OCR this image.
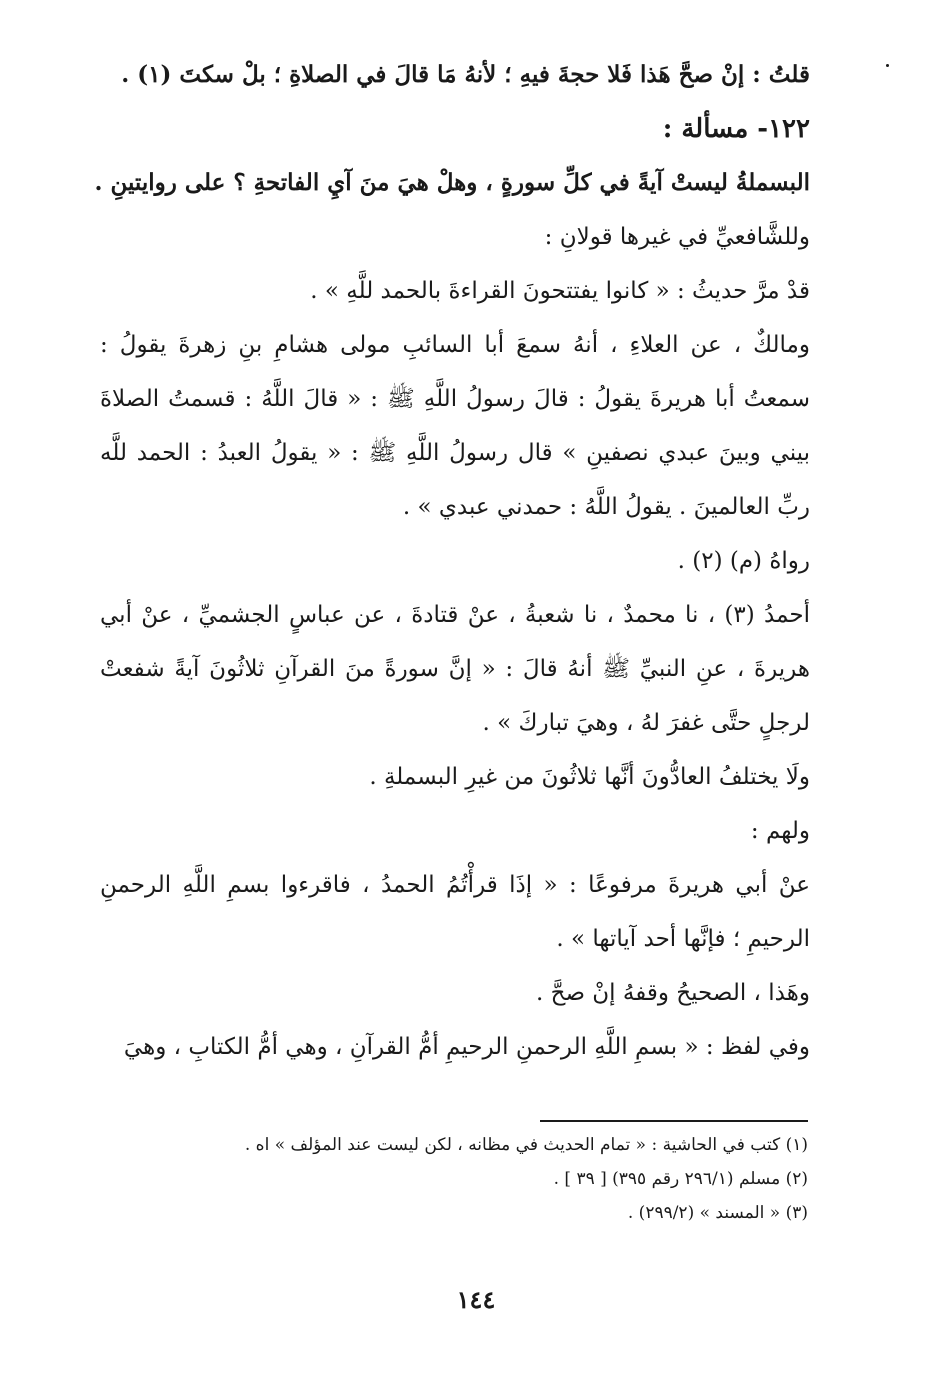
قلتُ : إنْ صحَّ هَذا فَلا حجةَ فيهِ ؛ لأنهُ مَا قالَ في الصلاةِ ؛ بلْ سكتَ (١) .

١٢٢- مسألة :

البسملةُ ليستْ آيةً في كلِّ سورةٍ ، وهلْ هيَ منَ آيِ الفاتحةِ ؟ على روايتينِ .

وللشَّافعيِّ في غيرها قولانِ :

قدْ مرَّ حديثُ : « كانوا يفتتحونَ القراءةَ بالحمد للَّهِ » .

ومالكٌ ، عن العلاءِ ، أنهُ سمعَ أبا السائبِ مولى هشامِ بنِ زهرةَ يقولُ : سمعتُ أبا هريرةَ يقولُ : قالَ رسولُ اللَّهِ ﷺ : « قالَ اللَّهُ : قسمتُ الصلاةَ بيني وبينَ عبدي نصفينِ » قال رسولُ اللَّهِ ﷺ : « يقولُ العبدُ : الحمد للَّه ربِّ العالمينَ . يقولُ اللَّهُ : حمدني عبدي » .

رواهُ (م) (٢) .

أحمدُ (٣) ، نا محمدٌ ، نا شعبةُ ، عنْ قتادةَ ، عن عباسٍ الجشميِّ ، عنْ أبي هريرةَ ، عنِ النبيِّ ﷺ أنهُ قالَ : « إنَّ سورةً منَ القرآنِ ثلاثُونَ آيةً شفعتْ لرجلٍ حتَّى غفرَ لهُ ، وهيَ تباركَ » .

ولَا يختلفُ العادُّونَ أنَّها ثلاثُونَ من غيرِ البسملةِ .

ولهم :

عنْ أبي هريرةَ مرفوعًا : « إذَا قرأْتُمُ الحمدُ ، فاقرءوا بسمِ اللَّهِ الرحمنِ الرحيمِ ؛ فإنَّها أحد آياتها » .

وهَذا ، الصحيحُ وقفهُ إنْ صحَّ .

وفي لفظ : « بسمِ اللَّهِ الرحمنِ الرحيمِ أمُّ القرآنِ ، وهي أمُّ الكتابِ ، وهيَ

(١) كتب في الحاشية : « تمام الحديث في مظانه ، لكن ليست عند المؤلف » اه .

(٢) مسلم (٢٩٦/١ رقم ٣٩٥) [ ٣٩ ] .

(٣) « المسند » (٢٩٩/٢) .

١٤٤
